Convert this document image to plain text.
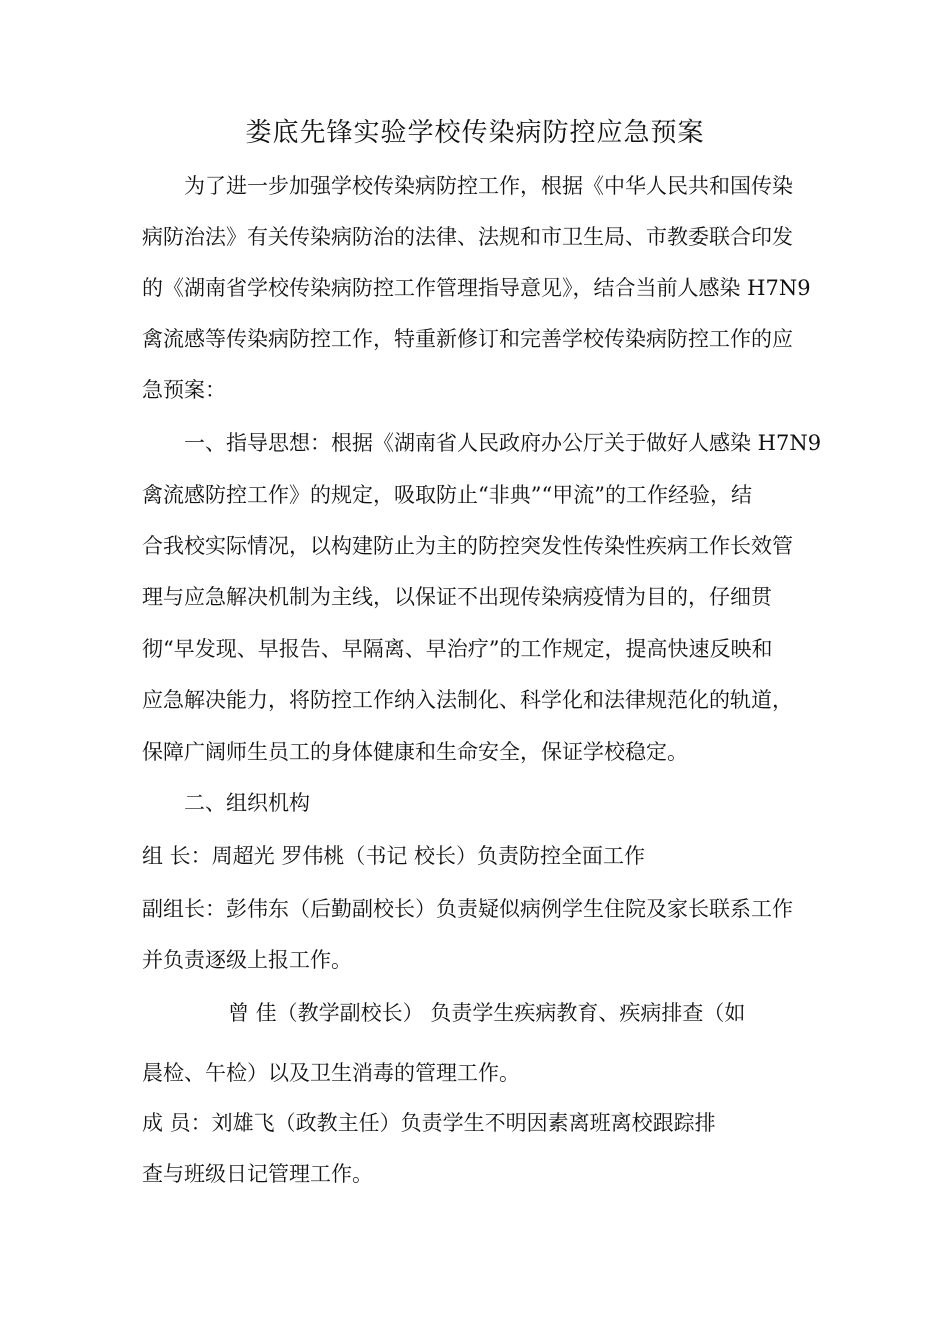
娄底先锋实验学校传染病防控应急预案
为了进一步加强学校传染病防控工作，根据《中华人民共和国传染
病防治法》有关传染病防治的法律、法规和市卫生局、市教委联合印发
的《湖南省学校传染病防控工作管理指导意见》，结合当前人感染 H7N9
禽流感等传染病防控工作，特重新修订和完善学校传染病防控工作的应
急预案：
一、指导思想：根据《湖南省人民政府办公厅关于做好人感染 H7N9
禽流感防控工作》的规定，吸取防止“非典”“甲流”的工作经验，结
合我校实际情况，以构建防止为主的防控突发性传染性疾病工作长效管
理与应急解决机制为主线，以保证不出现传染病疫情为目的，仔细贯
彻“早发现、早报告、早隔离、早治疗”的工作规定，提高快速反映和
应急解决能力，将防控工作纳入法制化、科学化和法律规范化的轨道，
保障广阔师生员工的身体健康和生命安全，保证学校稳定。
二、组织机构
组 长：周超光 罗伟桃（书记 校长）负责防控全面工作
副组长：彭伟东（后勤副校长）负责疑似病例学生住院及家长联系工作
并负责逐级上报工作。
曾 佳（教学副校长） 负责学生疾病教育、疾病排查（如
晨检、午检）以及卫生消毒的管理工作。
成 员：刘雄飞（政教主任）负责学生不明因素离班离校跟踪排
查与班级日记管理工作。
